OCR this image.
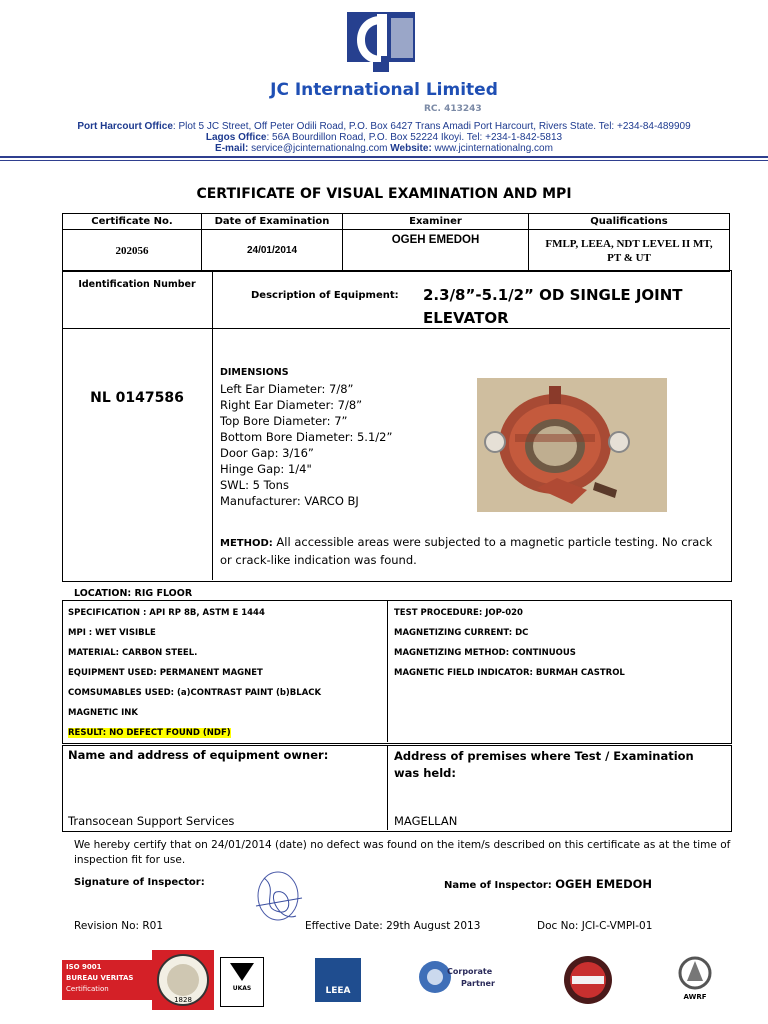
JC International Limited
RC. 413243
Port Harcourt Office: Plot 5 JC Street, Off Peter Odili Road, P.O. Box 6427 Trans Amadi Port Harcourt, Rivers State. Tel: +234-84-489909
Lagos Office: 56A Bourdillon Road, P.O. Box 52224 Ikoyi. Tel: +234-1-842-5813
E-mail: service@jcinternationalng.com Website: www.jcinternationalng.com
CERTIFICATE OF VISUAL EXAMINATION AND MPI
Certificate No.	Date of Examination	Examiner	Qualifications
202056	24/01/2014	OGEH EMEDOH	FMLP, LEEA, NDT LEVEL II MT, PT & UT
Identification Number
Description of Equipment: 2.3/8”-5.1/2” OD SINGLE JOINT ELEVATOR
NL 0147586
DIMENSIONS
Left Ear Diameter: 7/8”
Right Ear Diameter: 7/8”
Top Bore Diameter: 7”
Bottom Bore Diameter: 5.1/2”
Door Gap: 3/16”
Hinge Gap: 1/4"
SWL: 5 Tons
Manufacturer: VARCO BJ
METHOD: All accessible areas were subjected to a magnetic particle testing. No crack or crack-like indication was found.
LOCATION: RIG FLOOR
SPECIFICATION : API RP 8B, ASTM E 1444
MPI : WET VISIBLE
MATERIAL: CARBON STEEL.
EQUIPMENT USED: PERMANENT MAGNET
COMSUMABLES USED: (a)CONTRAST PAINT (b)BLACK
MAGNETIC INK
RESULT: NO DEFECT FOUND (NDF)
TEST PROCEDURE: JOP-020
MAGNETIZING CURRENT: DC
MAGNETIZING METHOD: CONTINUOUS
MAGNETIC FIELD INDICATOR: BURMAH CASTROL
Name and address of equipment owner:
Transocean Support Services
Address of premises where Test / Examination was held:
MAGELLAN
We hereby certify that on 24/01/2014 (date) no defect was found on the item/s described on this certificate as at the time of inspection fit for use.
Signature of Inspector:	Name of Inspector: OGEH EMEDOH
Revision No: R01	Effective Date: 29th August 2013	Doc No: JCI-C-VMPI-01
ISO 9001
BUREAU VERITAS
Certification
1828
UKAS	LEEA
Corporate
Partner
AWRF
